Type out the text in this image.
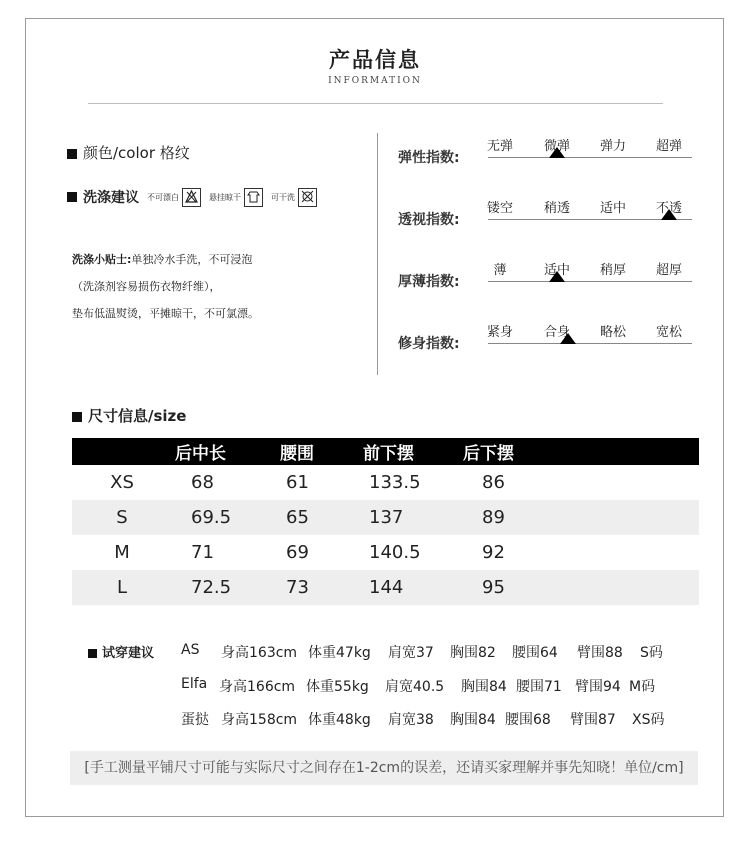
产品信息
INFORMATION
颜色/color 格纹
洗涤建议 不可漂白	悬挂晾干	可干洗
洗涤小贴士:单独冷水手洗，不可浸泡
（洗涤剂容易损伤衣物纤维），
垫布低温熨烫，平摊晾干，不可氯漂。
弹性指数:
无弹	微弹	弹力	超弹
透视指数:
镂空	稍透	适中	不透
厚薄指数:
薄	适中	稍厚	超厚
修身指数:
紧身	合身	略松	宽松
尺寸信息/size
	后中长	腰围	前下摆	后下摆
XS	68	61	133.5	86
S	69.5	65	137	89
M	71	69	140.5	92
L	72.5	73	144	95
试穿建议 AS 身高163cm 体重47kg 肩宽37 胸围82 腰围64 臂围88 S码
Elfa 身高166cm 体重55kg 肩宽40.5 胸围84 腰围71 臂围94 M码
蛋挞 身高158cm 体重48kg 肩宽38 胸围84 腰围68 臂围87 XS码
[手工测量平铺尺寸可能与实际尺寸之间存在1-2cm的误差，还请买家理解并事先知晓！单位/cm]
